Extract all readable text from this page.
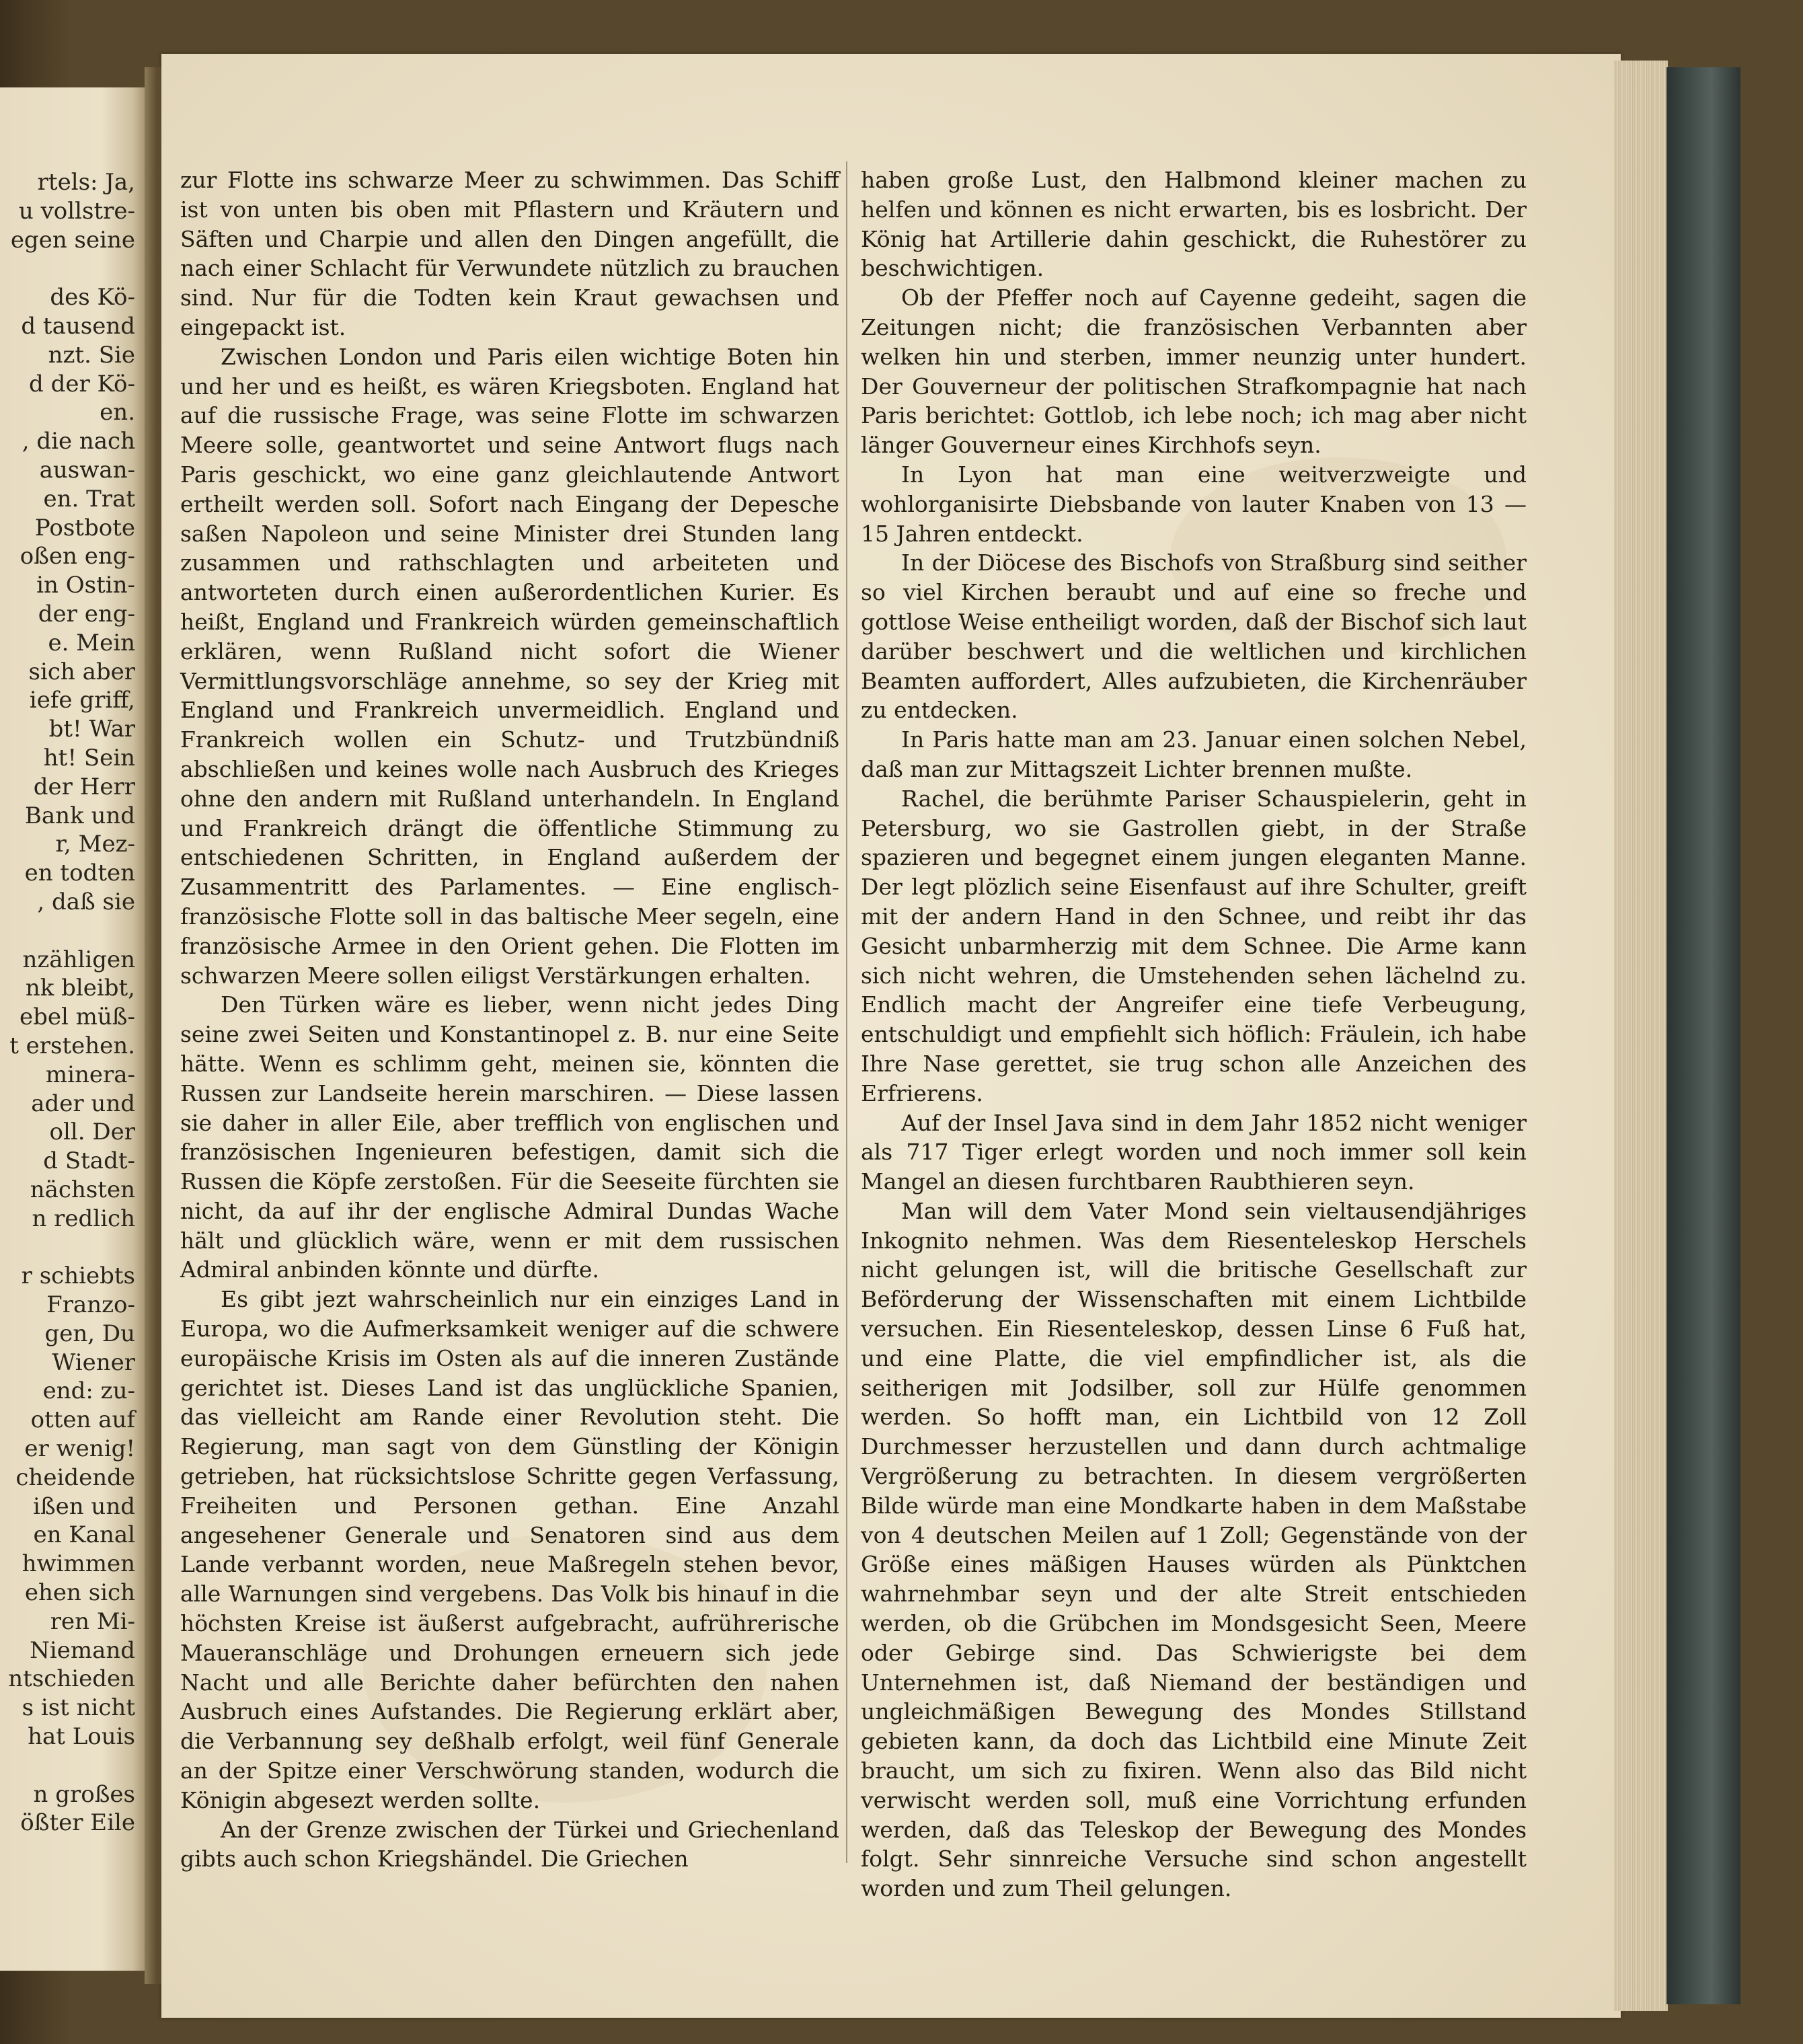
rtels: Ja,
u vollstre-
egen seine

des Kö-
d tausend
nzt. Sie
d der Kö-
en.
, die nach
auswan-
en. Trat
Postbote
oßen eng-
in Ostin-
der eng-
e. Mein
sich aber
iefe griff,
bt! War
ht! Sein
der Herr
Bank und
r, Mez-
en todten
, daß sie

nzähligen
nk bleibt,
ebel müß-
t erstehen.
minera-
ader und
oll. Der
d Stadt-
nächsten
n redlich

r schiebts
Franzo-
gen, Du
Wiener
end: zu-
otten auf
er wenig!
cheidende
ißen und
en Kanal
hwimmen
ehen sich
ren Mi-
Niemand
ntschieden
s ist nicht
hat Louis

n großes
ößter Eile

zur Flotte ins schwarze Meer zu schwimmen. Das Schiff ist von unten bis oben mit Pflastern und Kräutern und Säften und Charpie und allen den Dingen angefüllt, die nach einer Schlacht für Verwundete nützlich zu brauchen sind. Nur für die Todten kein Kraut gewachsen und eingepackt ist.

Zwischen London und Paris eilen wichtige Boten hin und her und es heißt, es wären Kriegsboten. England hat auf die russische Frage, was seine Flotte im schwarzen Meere solle, geantwortet und seine Antwort flugs nach Paris geschickt, wo eine ganz gleichlautende Antwort ertheilt werden soll. Sofort nach Eingang der Depesche saßen Napoleon und seine Minister drei Stunden lang zusammen und rathschlagten und arbeiteten und antworteten durch einen außerordentlichen Kurier. Es heißt, England und Frankreich würden gemeinschaftlich erklären, wenn Rußland nicht sofort die Wiener Vermittlungsvorschläge annehme, so sey der Krieg mit England und Frankreich unvermeidlich. England und Frankreich wollen ein Schutz- und Trutzbündniß abschließen und keines wolle nach Ausbruch des Krieges ohne den andern mit Rußland unterhandeln. In England und Frankreich drängt die öffentliche Stimmung zu entschiedenen Schritten, in England außerdem der Zusammentritt des Parlamentes. — Eine englisch-französische Flotte soll in das baltische Meer segeln, eine französische Armee in den Orient gehen. Die Flotten im schwarzen Meere sollen eiligst Verstärkungen erhalten.

Den Türken wäre es lieber, wenn nicht jedes Ding seine zwei Seiten und Konstantinopel z. B. nur eine Seite hätte. Wenn es schlimm geht, meinen sie, könnten die Russen zur Landseite herein marschiren. — Diese lassen sie daher in aller Eile, aber trefflich von englischen und französischen Ingenieuren befestigen, damit sich die Russen die Köpfe zerstoßen. Für die Seeseite fürchten sie nicht, da auf ihr der englische Admiral Dundas Wache hält und glücklich wäre, wenn er mit dem russischen Admiral anbinden könnte und dürfte.

Es gibt jezt wahrscheinlich nur ein einziges Land in Europa, wo die Aufmerksamkeit weniger auf die schwere europäische Krisis im Osten als auf die inneren Zustände gerichtet ist. Dieses Land ist das unglückliche Spanien, das vielleicht am Rande einer Revolution steht. Die Regierung, man sagt von dem Günstling der Königin getrieben, hat rücksichtslose Schritte gegen Verfassung, Freiheiten und Personen gethan. Eine Anzahl angesehener Generale und Senatoren sind aus dem Lande verbannt worden, neue Maßregeln stehen bevor, alle Warnungen sind vergebens. Das Volk bis hinauf in die höchsten Kreise ist äußerst aufgebracht, aufrührerische Maueranschläge und Drohungen erneuern sich jede Nacht und alle Berichte daher befürchten den nahen Ausbruch eines Aufstandes. Die Regierung erklärt aber, die Verbannung sey deßhalb erfolgt, weil fünf Generale an der Spitze einer Verschwörung standen, wodurch die Königin abgesezt werden sollte.

An der Grenze zwischen der Türkei und Griechenland gibts auch schon Kriegshändel. Die Griechen

haben große Lust, den Halbmond kleiner machen zu helfen und können es nicht erwarten, bis es losbricht. Der König hat Artillerie dahin geschickt, die Ruhestörer zu beschwichtigen.

Ob der Pfeffer noch auf Cayenne gedeiht, sagen die Zeitungen nicht; die französischen Verbannten aber welken hin und sterben, immer neunzig unter hundert. Der Gouverneur der politischen Strafkompagnie hat nach Paris berichtet: Gottlob, ich lebe noch; ich mag aber nicht länger Gouverneur eines Kirchhofs seyn.

In Lyon hat man eine weitverzweigte und wohlorganisirte Diebsbande von lauter Knaben von 13 — 15 Jahren entdeckt.

In der Diöcese des Bischofs von Straßburg sind seither so viel Kirchen beraubt und auf eine so freche und gottlose Weise entheiligt worden, daß der Bischof sich laut darüber beschwert und die weltlichen und kirchlichen Beamten auffordert, Alles aufzubieten, die Kirchenräuber zu entdecken.

In Paris hatte man am 23. Januar einen solchen Nebel, daß man zur Mittagszeit Lichter brennen mußte.

Rachel, die berühmte Pariser Schauspielerin, geht in Petersburg, wo sie Gastrollen giebt, in der Straße spazieren und begegnet einem jungen eleganten Manne. Der legt plözlich seine Eisenfaust auf ihre Schulter, greift mit der andern Hand in den Schnee, und reibt ihr das Gesicht unbarmherzig mit dem Schnee. Die Arme kann sich nicht wehren, die Umstehenden sehen lächelnd zu. Endlich macht der Angreifer eine tiefe Verbeugung, entschuldigt und empfiehlt sich höflich: Fräulein, ich habe Ihre Nase gerettet, sie trug schon alle Anzeichen des Erfrierens.

Auf der Insel Java sind in dem Jahr 1852 nicht weniger als 717 Tiger erlegt worden und noch immer soll kein Mangel an diesen furchtbaren Raubthieren seyn.

Man will dem Vater Mond sein vieltausendjähriges Inkognito nehmen. Was dem Riesenteleskop Herschels nicht gelungen ist, will die britische Gesellschaft zur Beförderung der Wissenschaften mit einem Lichtbilde versuchen. Ein Riesenteleskop, dessen Linse 6 Fuß hat, und eine Platte, die viel empfindlicher ist, als die seitherigen mit Jodsilber, soll zur Hülfe genommen werden. So hofft man, ein Lichtbild von 12 Zoll Durchmesser herzustellen und dann durch achtmalige Vergrößerung zu betrachten. In diesem vergrößerten Bilde würde man eine Mondkarte haben in dem Maßstabe von 4 deutschen Meilen auf 1 Zoll; Gegenstände von der Größe eines mäßigen Hauses würden als Pünktchen wahrnehmbar seyn und der alte Streit entschieden werden, ob die Grübchen im Mondsgesicht Seen, Meere oder Gebirge sind. Das Schwierigste bei dem Unternehmen ist, daß Niemand der beständigen und ungleichmäßigen Bewegung des Mondes Stillstand gebieten kann, da doch das Lichtbild eine Minute Zeit braucht, um sich zu fixiren. Wenn also das Bild nicht verwischt werden soll, muß eine Vorrichtung erfunden werden, daß das Teleskop der Bewegung des Mondes folgt. Sehr sinnreiche Versuche sind schon angestellt worden und zum Theil gelungen.
